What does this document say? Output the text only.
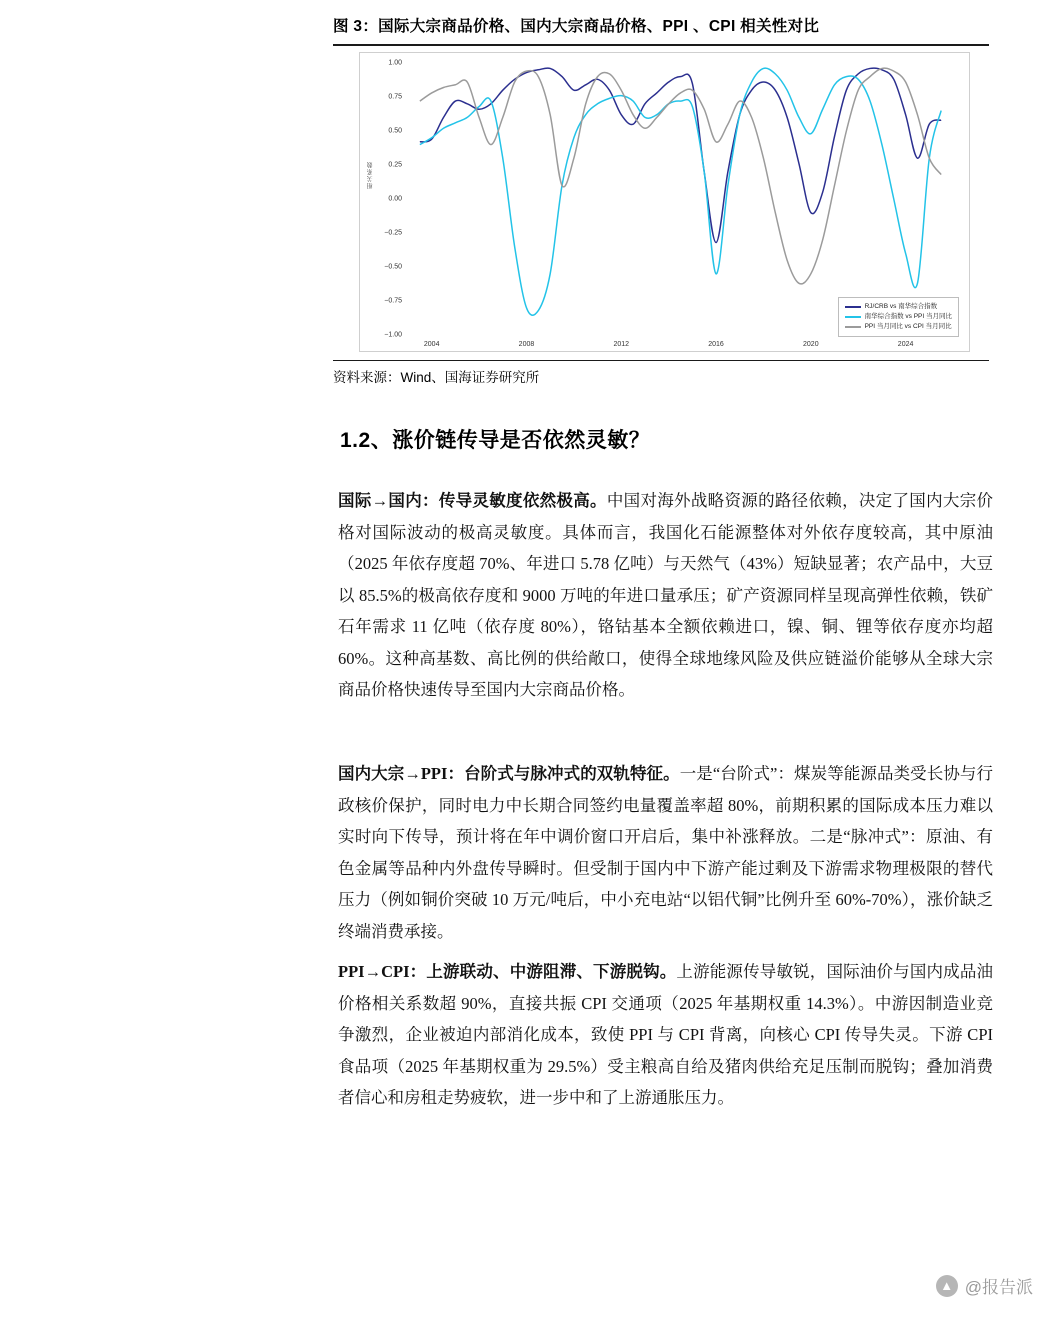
图 3：国际大宗商品价格、国内大宗商品价格、PPI 、CPI 相关性对比
相关系数
1.00
0.75
0.50
0.25
0.00
−0.25
−0.50
−0.75
−1.00
2004	2008	2012	2016	2020	2024
RJ/CRB vs 南华综合指数
南华综合指数 vs PPI 当月同比
PPI 当月同比 vs CPI 当月同比
资料来源：Wind、国海证券研究所
1.2、涨价链传导是否依然灵敏？
国际→国内：传导灵敏度依然极高。中国对海外战略资源的路径依赖，决定了国内大宗价格对国际波动的极高灵敏度。具体而言，我国化石能源整体对外依存度较高，其中原油（2025 年依存度超 70%、年进口 5.78 亿吨）与天然气（43%）短缺显著；农产品中，大豆以 85.5%的极高依存度和 9000 万吨的年进口量承压；矿产资源同样呈现高弹性依赖，铁矿石年需求 11 亿吨（依存度 80%），铬钴基本全额依赖进口，镍、铜、锂等依存度亦均超 60%。这种高基数、高比例的供给敞口，使得全球地缘风险及供应链溢价能够从全球大宗商品价格快速传导至国内大宗商品价格。
国内大宗→PPI：台阶式与脉冲式的双轨特征。一是“台阶式”：煤炭等能源品类受长协与行政核价保护，同时电力中长期合同签约电量覆盖率超 80%，前期积累的国际成本压力难以实时向下传导，预计将在年中调价窗口开启后，集中补涨释放。二是“脉冲式”：原油、有色金属等品种内外盘传导瞬时。但受制于国内中下游产能过剩及下游需求物理极限的替代压力（例如铜价突破 10 万元/吨后，中小充电站“以铝代铜”比例升至 60%-70%），涨价缺乏终端消费承接。
PPI→CPI：上游联动、中游阻滞、下游脱钩。上游能源传导敏锐，国际油价与国内成品油价格相关系数超 90%，直接共振 CPI 交通项（2025 年基期权重 14.3%）。中游因制造业竞争激烈，企业被迫内部消化成本，致使 PPI 与 CPI 背离，向核心 CPI 传导失灵。下游 CPI 食品项（2025 年基期权重为 29.5%）受主粮高自给及猪肉供给充足压制而脱钩；叠加消费者信心和房租走势疲软，进一步中和了上游通胀压力。
▲ @报告派
